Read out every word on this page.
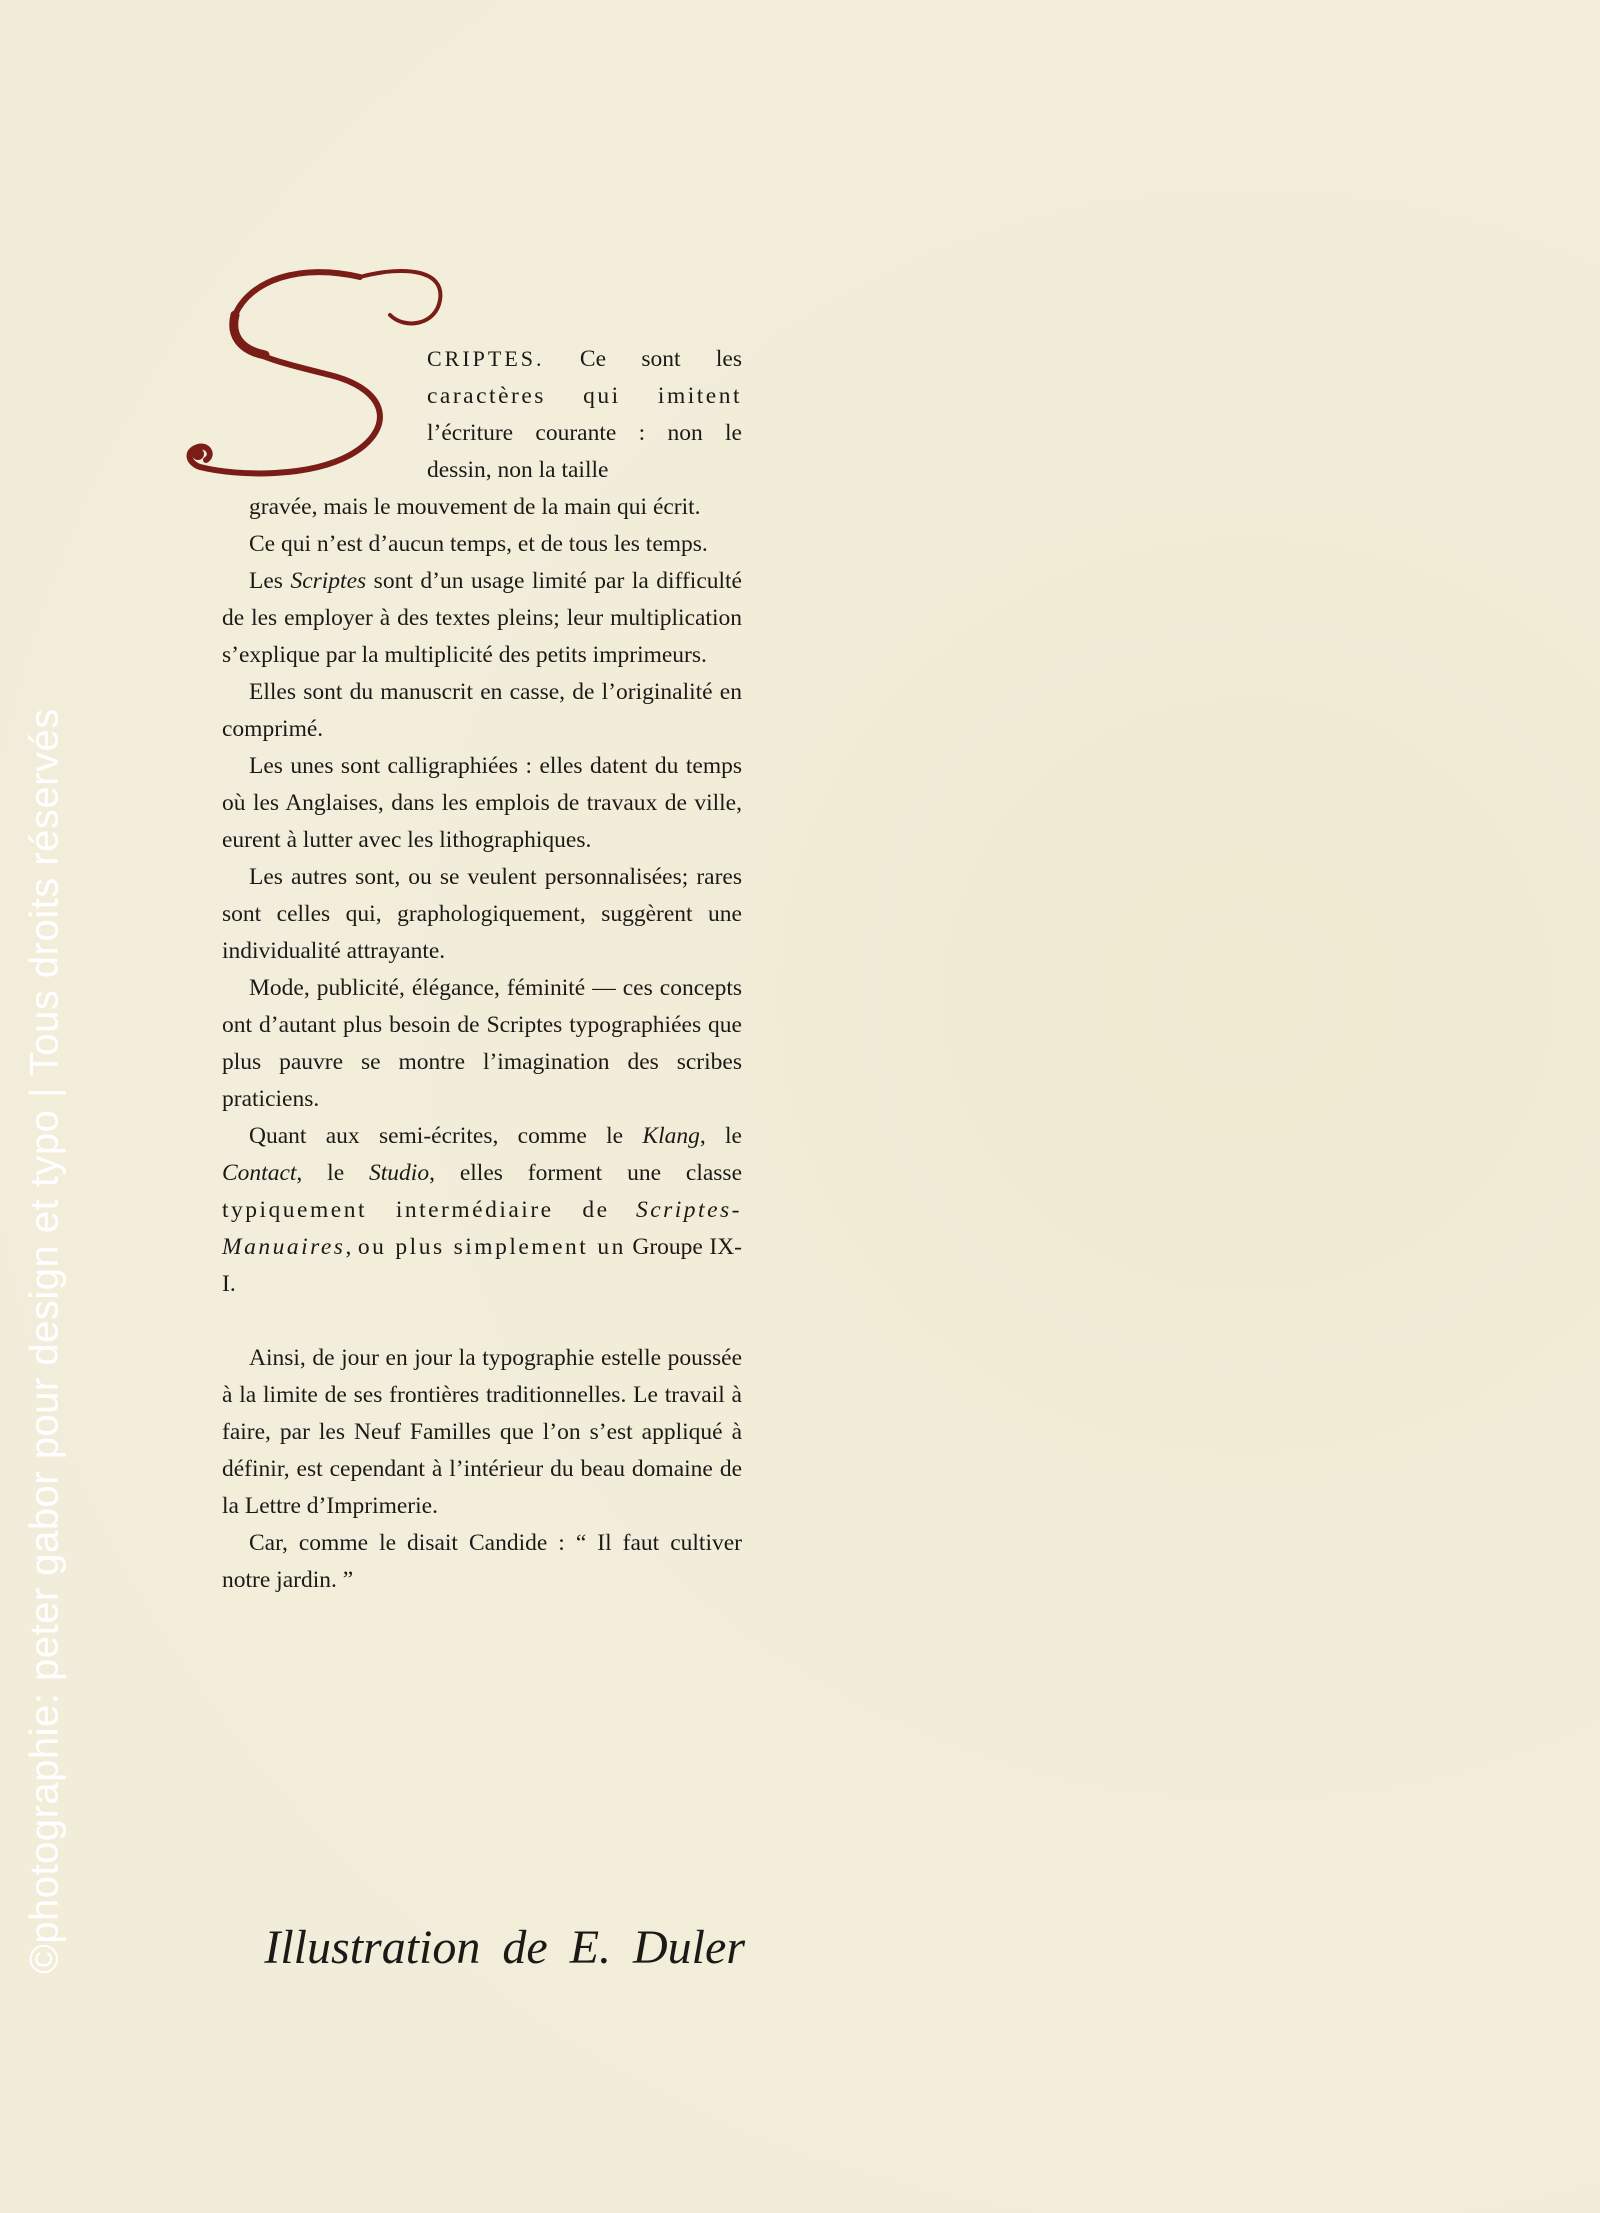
CRIPTES. Ce sont les caractères qui imitent l’écriture courante : non le dessin, non la taille

gravée, mais le mouvement de la main qui écrit.

Ce qui n’est d’aucun temps, et de tous les temps.

Les Scriptes sont d’un usage limité par la difficulté de les employer à des textes pleins; leur multiplication s’explique par la multiplicité des petits imprimeurs.

Elles sont du manuscrit en casse, de l’originalité en comprimé.

Les unes sont calligraphiées : elles datent du temps où les Anglaises, dans les emplois de travaux de ville, eurent à lutter avec les lithographiques.

Les autres sont, ou se veulent personnalisées; rares sont celles qui, graphologiquement, suggèrent une individualité attrayante.

Mode, publicité, élégance, féminité — ces concepts ont d’autant plus besoin de Scriptes typographiées que plus pauvre se montre l’imagination des scribes praticiens.

Quant aux semi-écrites, comme le Klang, le Contact, le Studio, elles forment une classe typiquement intermédiaire de Scriptes-Manuaires, ou plus simplement un Groupe IX-I.

Ainsi, de jour en jour la typographie estelle poussée à la limite de ses frontières traditionnelles. Le travail à faire, par les Neuf Familles que l’on s’est appliqué à définir, est cependant à l’intérieur du beau domaine de la Lettre d’Imprimerie.

Car, comme le disait Candide : “ Il faut cultiver notre jardin. ”

Illustration de E. Duler
©photographie: peter gabor pour design et typo | Tous droits réservés
